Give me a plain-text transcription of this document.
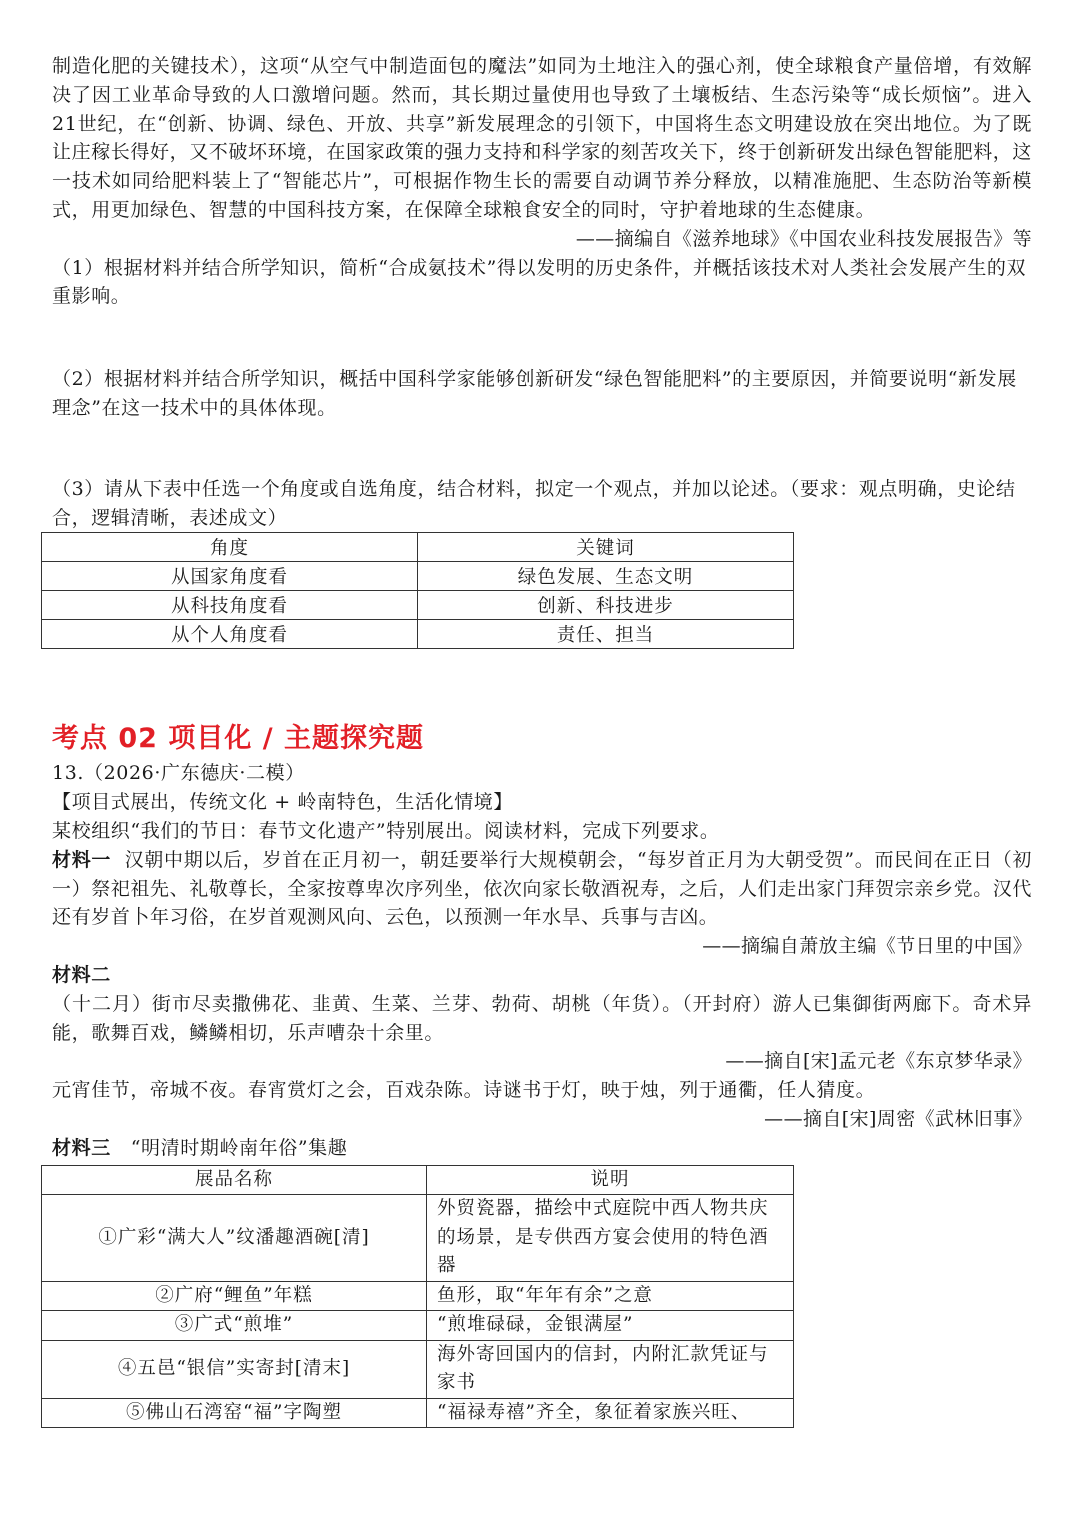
制造化肥的关键技术），这项“从空气中制造面包的魔法”如同为土地注入的强心剂，使全球粮食产量倍增，有效解决了因工业革命导致的人口激增问题。然而，其长期过量使用也导致了土壤板结、生态污染等“成长烦恼”。进入21世纪，在“创新、协调、绿色、开放、共享”新发展理念的引领下，中国将生态文明建设放在突出地位。为了既让庄稼长得好，又不破坏环境，在国家政策的强力支持和科学家的刻苦攻关下，终于创新研发出绿色智能肥料，这一技术如同给肥料装上了“智能芯片”，可根据作物生长的需要自动调节养分释放，以精准施肥、生态防治等新模式，用更加绿色、智慧的中国科技方案，在保障全球粮食安全的同时，守护着地球的生态健康。

——摘编自《滋养地球》《中国农业科技发展报告》等

（1）根据材料并结合所学知识，简析“合成氨技术”得以发明的历史条件，并概括该技术对人类社会发展产生的双重影响。

（2）根据材料并结合所学知识，概括中国科学家能够创新研发“绿色智能肥料”的主要原因，并简要说明“新发展理念”在这一技术中的具体体现。

（3）请从下表中任选一个角度或自选角度，结合材料，拟定一个观点，并加以论述。（要求：观点明确，史论结合，逻辑清晰，表述成文）

角度	关键词
从国家角度看	绿色发展、生态文明
从科技角度看	创新、科技进步
从个人角度看	责任、担当
考点 02 项目化 / 主题探究题

13.（2026·广东德庆·二模）

【项目式展出，传统文化 + 岭南特色，生活化情境】

某校组织“我们的节日：春节文化遗产”特别展出。阅读材料，完成下列要求。

材料一 汉朝中期以后，岁首在正月初一，朝廷要举行大规模朝会，“每岁首正月为大朝受贺”。而民间在正日（初一）祭祀祖先、礼敬尊长，全家按尊卑次序列坐，依次向家长敬酒祝寿，之后，人们走出家门拜贺宗亲乡党。汉代还有岁首卜年习俗，在岁首观测风向、云色，以预测一年水旱、兵事与吉凶。

——摘编自萧放主编《节日里的中国》

材料二

（十二月）街市尽卖撒佛花、韭黄、生菜、兰芽、勃荷、胡桃（年货）。（开封府）游人已集御街两廊下。奇术异能，歌舞百戏，鳞鳞相切，乐声嘈杂十余里。

——摘自[宋]孟元老《东京梦华录》

元宵佳节，帝城不夜。春宵赏灯之会，百戏杂陈。诗谜书于灯，映于烛，列于通衢，任人猜度。

——摘自[宋]周密《武林旧事》

材料三 “明清时期岭南年俗”集趣

展品名称	说明
①广彩“满大人”纹潘趣酒碗[清]	外贸瓷器，描绘中式庭院中西人物共庆的场景，是专供西方宴会使用的特色酒器
②广府“鲤鱼”年糕	鱼形，取“年年有余”之意
③广式“煎堆”	“煎堆碌碌，金银满屋”
④五邑“银信”实寄封[清末]	海外寄回国内的信封，内附汇款凭证与家书
⑤佛山石湾窑“福”字陶塑	“福禄寿禧”齐全，象征着家族兴旺、
